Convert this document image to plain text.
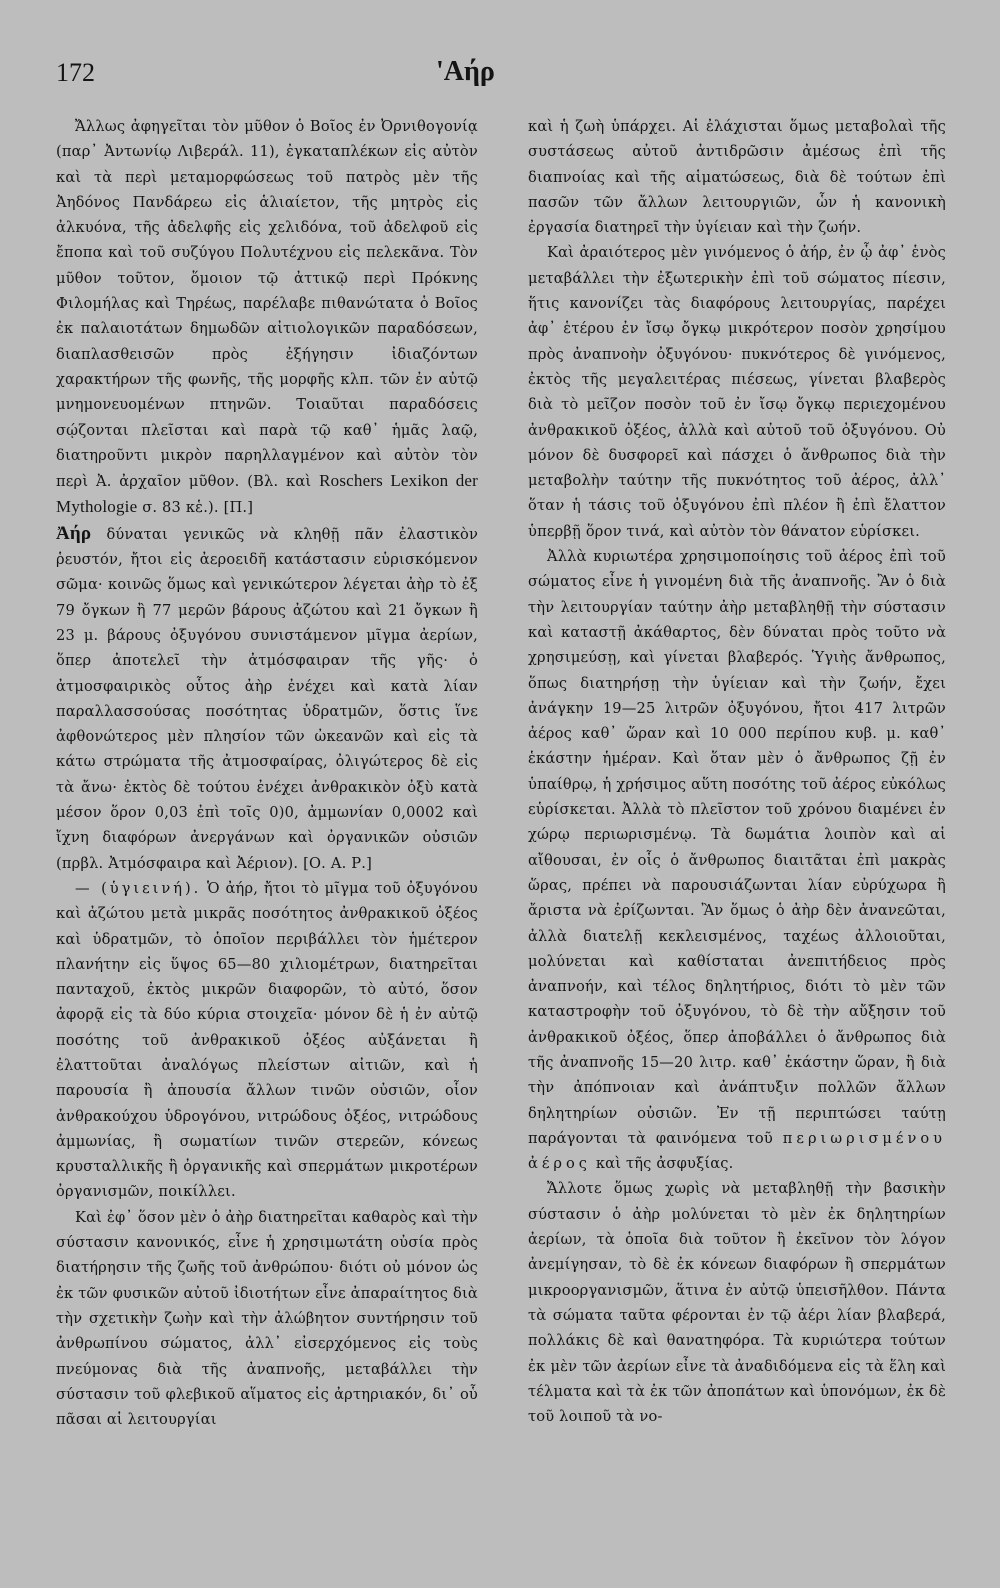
172	'Αήρ

Ἄλλως ἀφηγεῖται τὸν μῦθον ὁ Βοῖος ἐν Ὀρνιθογονίᾳ (παρ᾽ Ἀντωνίῳ Λιβεράλ. 11), ἐγκαταπλέκων εἰς αὐτὸν καὶ τὰ περὶ μεταμορφώσεως τοῦ πατρὸς μὲν τῆς Ἀηδόνος Πανδάρεω εἰς ἁλιαίετον, τῆς μητρὸς εἰς ἀλκυόνα, τῆς ἀδελφῆς εἰς χελιδόνα, τοῦ ἀδελφοῦ εἰς ἔποπα καὶ τοῦ συζύγου Πολυτέχνου εἰς πελεκᾶνα. Τὸν μῦθον τοῦτον, ὅμοιον τῷ ἀττικῷ περὶ Πρόκνης Φιλομήλας καὶ Τηρέως, παρέλαβε πιθανώτατα ὁ Βοῖος ἐκ παλαιοτάτων δημωδῶν αἰτιολογικῶν παραδόσεων, διαπλασθεισῶν πρὸς ἐξήγησιν ἰδιαζόντων χαρακτήρων τῆς φωνῆς, τῆς μορφῆς κλπ. τῶν ἐν αὐτῷ μνημονευομένων πτηνῶν. Τοιαῦται παραδόσεις σῴζονται πλεῖσται καὶ παρὰ τῷ καθ᾽ ἡμᾶς λαῷ, διατηροῦντι μικρὸν παρηλλαγμένον καὶ αὐτὸν τὸν περὶ Ἀ. ἀρχαῖον μῦθον. (Βλ. καὶ Roschers Lexikon der Mythologie σ. 83 κἑ.). [Π.]

Ἀήρ δύναται γενικῶς νὰ κληθῇ πᾶν ἐλαστικὸν ῥευστόν, ἤτοι εἰς ἀεροειδῆ κατάστασιν εὑρισκόμενον σῶμα· κοινῶς ὅμως καὶ γενικώτερον λέγεται ἀὴρ τὸ ἐξ 79 ὄγκων ἢ 77 μερῶν βάρους ἀζώτου καὶ 21 ὄγκων ἢ 23 μ. βάρους ὀξυγόνου συνιστάμενον μῖγμα ἀερίων, ὅπερ ἀποτελεῖ τὴν ἀτμόσφαιραν τῆς γῆς· ὁ ἀτμοσφαιρικὸς οὗτος ἀὴρ ἐνέχει καὶ κατὰ λίαν παραλλασσούσας ποσότητας ὑδρατμῶν, ὅστις ἵνε ἀφθονώτερος μὲν πλησίον τῶν ὠκεανῶν καὶ εἰς τὰ κάτω στρώματα τῆς ἀτμοσφαίρας, ὀλιγώτερος δὲ εἰς τὰ ἄνω· ἐκτὸς δὲ τούτου ἐνέχει ἀνθρακικὸν ὀξὺ κατὰ μέσον ὅρον 0,03 ἐπὶ τοῖς 0)0, ἀμμωνίαν 0,0002 καὶ ἴχνη διαφόρων ἀνεργάνων καὶ ὀργανικῶν οὐσιῶν (πρβλ. Ἀτμόσφαιρα καὶ Ἀέριον). [Ο. Α. Ρ.]

— (ὑγιεινή). Ὁ ἀήρ, ἤτοι τὸ μῖγμα τοῦ ὀξυγόνου καὶ ἀζώτου μετὰ μικρᾶς ποσότητος ἀνθρακικοῦ ὀξέος καὶ ὑδρατμῶν, τὸ ὁποῖον περιβάλλει τὸν ἡμέτερον πλανήτην εἰς ὕψος 65—80 χιλιομέτρων, διατηρεῖται πανταχοῦ, ἐκτὸς μικρῶν διαφορῶν, τὸ αὐτό, ὅσον ἀφορᾷ εἰς τὰ δύο κύρια στοιχεῖα· μόνον δὲ ἡ ἐν αὐτῷ ποσότης τοῦ ἀνθρακικοῦ ὀξέος αὐξάνεται ἢ ἐλαττοῦται ἀναλόγως πλείστων αἰτιῶν, καὶ ἡ παρουσία ἢ ἀπουσία ἄλλων τινῶν οὐσιῶν, οἷον ἀνθρακούχου ὑδρογόνου, νιτρώδους ὀξέος, νιτρώδους ἀμμωνίας, ἢ σωματίων τινῶν στερεῶν, κόνεως κρυσταλλικῆς ἢ ὀργανικῆς καὶ σπερμάτων μικροτέρων ὀργανισμῶν, ποικίλλει.

Καὶ ἐφ᾽ ὅσον μὲν ὁ ἀὴρ διατηρεῖται καθαρὸς καὶ τὴν σύστασιν κανονικός, εἶνε ἡ χρησιμωτάτη οὐσία πρὸς διατήρησιν τῆς ζωῆς τοῦ ἀνθρώπου· διότι οὐ μόνον ὡς ἐκ τῶν φυσικῶν αὐτοῦ ἰδιοτήτων εἶνε ἀπαραίτητος διὰ τὴν σχετικὴν ζωὴν καὶ τὴν ἀλώβητον συντήρησιν τοῦ ἀνθρωπίνου σώματος, ἀλλ᾽ εἰσερχόμενος εἰς τοὺς πνεύμονας διὰ τῆς ἀναπνοῆς, μεταβάλλει τὴν σύστασιν τοῦ φλεβικοῦ αἵματος εἰς ἀρτηριακόν, δι᾽ οὗ πᾶσαι αἱ λειτουργίαι

καὶ ἡ ζωὴ ὑπάρχει. Αἱ ἐλάχισται ὅμως μεταβολαὶ τῆς συστάσεως αὐτοῦ ἀντιδρῶσιν ἀμέσως ἐπὶ τῆς διαπνοίας καὶ τῆς αἱματώσεως, διὰ δὲ τούτων ἐπὶ πασῶν τῶν ἄλλων λειτουργιῶν, ὧν ἡ κανονικὴ ἐργασία διατηρεῖ τὴν ὑγίειαν καὶ τὴν ζωήν.

Καὶ ἀραιότερος μὲν γινόμενος ὁ ἀήρ, ἐν ᾧ ἀφ᾽ ἑνὸς μεταβάλλει τὴν ἐξωτερικὴν ἐπὶ τοῦ σώματος πίεσιν, ἥτις κανονίζει τὰς διαφόρους λειτουργίας, παρέχει ἀφ᾽ ἑτέρου ἐν ἴσῳ ὄγκῳ μικρότερον ποσὸν χρησίμου πρὸς ἀναπνοὴν ὀξυγόνου· πυκνότερος δὲ γινόμενος, ἐκτὸς τῆς μεγαλειτέρας πιέσεως, γίνεται βλαβερὸς διὰ τὸ μεῖζον ποσὸν τοῦ ἐν ἴσῳ ὄγκῳ περιεχομένου ἀνθρακικοῦ ὀξέος, ἀλλὰ καὶ αὐτοῦ τοῦ ὀξυγόνου. Οὐ μόνον δὲ δυσφορεῖ καὶ πάσχει ὁ ἄνθρωπος διὰ τὴν μεταβολὴν ταύτην τῆς πυκνότητος τοῦ ἀέρος, ἀλλ᾽ ὅταν ἡ τάσις τοῦ ὀξυγόνου ἐπὶ πλέον ἢ ἐπὶ ἔλαττον ὑπερβῇ ὅρον τινά, καὶ αὐτὸν τὸν θάνατον εὑρίσκει.

Ἀλλὰ κυριωτέρα χρησιμοποίησις τοῦ ἀέρος ἐπὶ τοῦ σώματος εἶνε ἡ γινομένη διὰ τῆς ἀναπνοῆς. Ἂν ὁ διὰ τὴν λειτουργίαν ταύτην ἀὴρ μεταβληθῇ τὴν σύστασιν καὶ καταστῇ ἀκάθαρτος, δὲν δύναται πρὸς τοῦτο νὰ χρησιμεύσῃ, καὶ γίνεται βλαβερός. Ὑγιὴς ἄνθρωπος, ὅπως διατηρήσῃ τὴν ὑγίειαν καὶ τὴν ζωήν, ἔχει ἀνάγκην 19—25 λιτρῶν ὀξυγόνου, ἤτοι 417 λιτρῶν ἀέρος καθ᾽ ὥραν καὶ 10 000 περίπου κυβ. μ. καθ᾽ ἑκάστην ἡμέραν. Καὶ ὅταν μὲν ὁ ἄνθρωπος ζῇ ἐν ὑπαίθρῳ, ἡ χρήσιμος αὕτη ποσότης τοῦ ἀέρος εὐκόλως εὑρίσκεται. Ἀλλὰ τὸ πλεῖστον τοῦ χρόνου διαμένει ἐν χώρῳ περιωρισμένῳ. Τὰ δωμάτια λοιπὸν καὶ αἱ αἴθουσαι, ἐν οἷς ὁ ἄνθρωπος διαιτᾶται ἐπὶ μακρὰς ὥρας, πρέπει νὰ παρουσιάζωνται λίαν εὐρύχωρα ἢ ἄριστα νὰ ἐρίζωνται. Ἂν ὅμως ὁ ἀὴρ δὲν ἀνανεῶται, ἀλλὰ διατελῇ κεκλεισμένος, ταχέως ἀλλοιοῦται, μολύνεται καὶ καθίσταται ἀνεπιτήδειος πρὸς ἀναπνοήν, καὶ τέλος δηλητήριος, διότι τὸ μὲν τῶν καταστροφὴν τοῦ ὀξυγόνου, τὸ δὲ τὴν αὔξησιν τοῦ ἀνθρακικοῦ ὀξέος, ὅπερ ἀποβάλλει ὁ ἄνθρωπος διὰ τῆς ἀναπνοῆς 15—20 λιτρ. καθ᾽ ἑκάστην ὥραν, ἢ διὰ τὴν ἀπόπνοιαν καὶ ἀνάπτυξιν πολλῶν ἄλλων δηλητηρίων οὐσιῶν. Ἐν τῇ περιπτώσει ταύτῃ παράγονται τὰ φαινόμενα τοῦ περιωρισμένου ἀέρος καὶ τῆς ἀσφυξίας.

Ἄλλοτε ὅμως χωρὶς νὰ μεταβληθῇ τὴν βασικὴν σύστασιν ὁ ἀὴρ μολύνεται τὸ μὲν ἐκ δηλητηρίων ἀερίων, τὰ ὁποῖα διὰ τοῦτον ἢ ἐκεῖνον τὸν λόγον ἀνεμίγησαν, τὸ δὲ ἐκ κόνεων διαφόρων ἢ σπερμάτων μικροοργανισμῶν, ἅτινα ἐν αὐτῷ ὑπεισῆλθον. Πάντα τὰ σώματα ταῦτα φέρονται ἐν τῷ ἀέρι λίαν βλαβερά, πολλάκις δὲ καὶ θανατηφόρα. Τὰ κυριώτερα τούτων ἐκ μὲν τῶν ἀερίων εἶνε τὰ ἀναδιδόμενα εἰς τὰ ἕλη καὶ τέλματα καὶ τὰ ἐκ τῶν ἀποπάτων καὶ ὑπονόμων, ἐκ δὲ τοῦ λοιποῦ τὰ νο-
